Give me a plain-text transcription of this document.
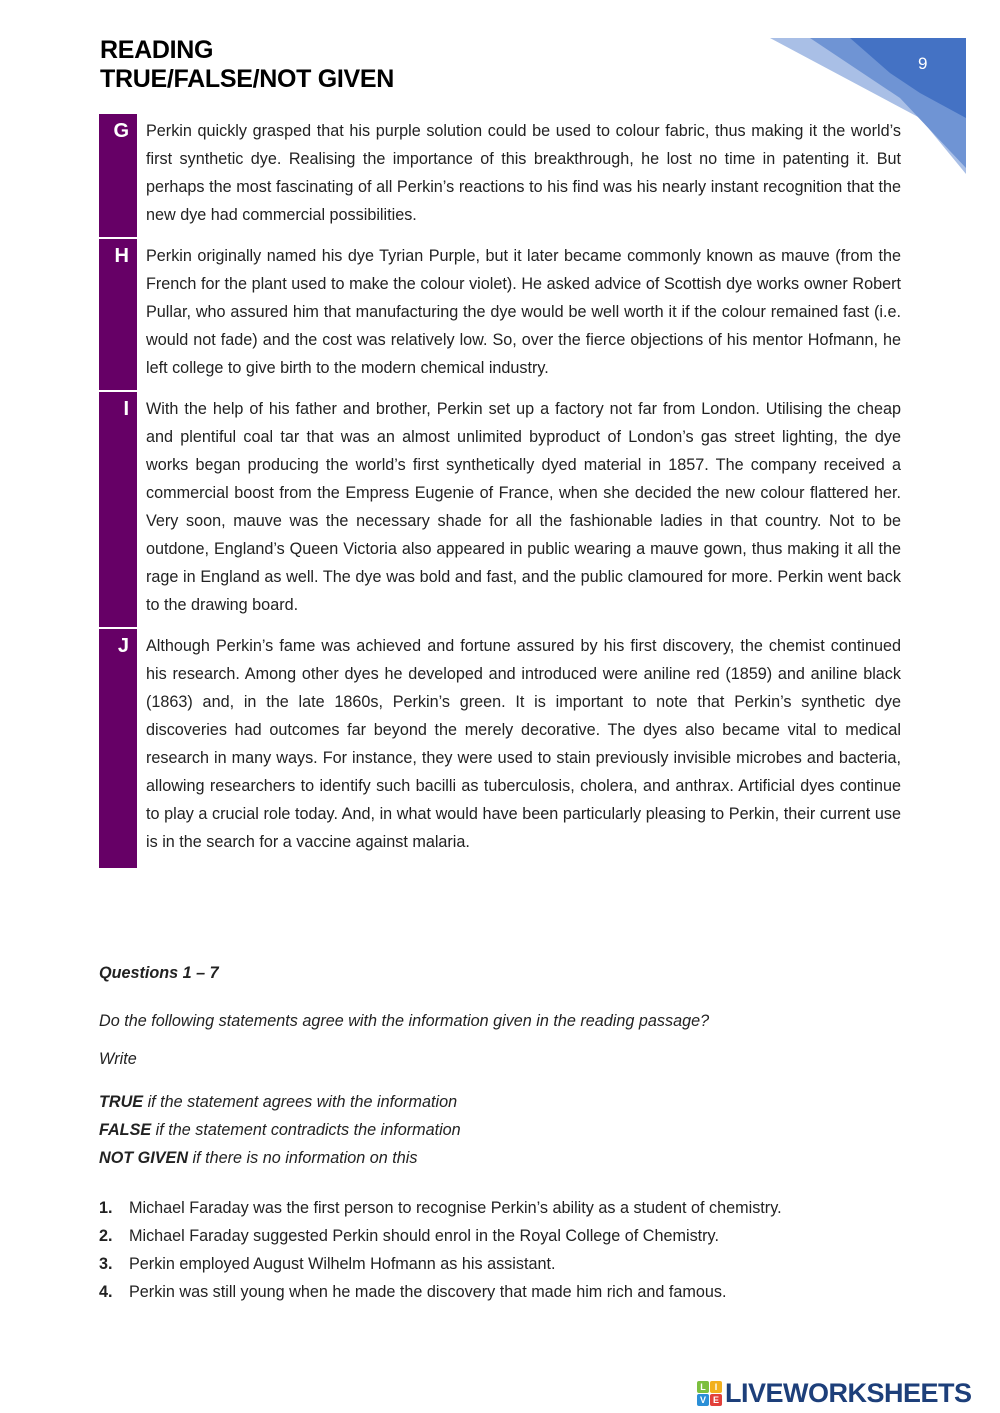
READING
TRUE/FALSE/NOT GIVEN
9
G	Perkin quickly grasped that his purple solution could be used to colour fabric, thus making it the world’s first synthetic dye. Realising the importance of this breakthrough, he lost no time in patenting it. But perhaps the most fascinating of all Perkin’s reactions to his find was his nearly instant recognition that the new dye had commercial possibilities.
H	Perkin originally named his dye Tyrian Purple, but it later became commonly known as mauve (from the French for the plant used to make the colour violet). He asked advice of Scottish dye works owner Robert Pullar, who assured him that manufacturing the dye would be well worth it if the colour remained fast (i.e. would not fade) and the cost was relatively low. So, over the fierce objections of his mentor Hofmann, he left college to give birth to the modern chemical industry.
I	With the help of his father and brother, Perkin set up a factory not far from London. Utilising the cheap and plentiful coal tar that was an almost unlimited byproduct of London’s gas street lighting, the dye works began producing the world’s first synthetically dyed material in 1857. The company received a commercial boost from the Empress Eugenie of France, when she decided the new colour flattered her. Very soon, mauve was the necessary shade for all the fashionable ladies in that country. Not to be outdone, England’s Queen Victoria also appeared in public wearing a mauve gown, thus making it all the rage in England as well. The dye was bold and fast, and the public clamoured for more. Perkin went back to the drawing board.
J	Although Perkin’s fame was achieved and fortune assured by his first discovery, the chemist continued his research. Among other dyes he developed and introduced were aniline red (1859) and aniline black (1863) and, in the late 1860s, Perkin’s green. It is important to note that Perkin’s synthetic dye discoveries had outcomes far beyond the merely decorative. The dyes also became vital to medical research in many ways. For instance, they were used to stain previously invisible microbes and bacteria, allowing researchers to identify such bacilli as tuberculosis, cholera, and anthrax. Artificial dyes continue to play a crucial role today. And, in what would have been particularly pleasing to Perkin, their current use is in the search for a vaccine against malaria.
Questions 1 – 7
Do the following statements agree with the information given in the reading passage?
Write
TRUE if the statement agrees with the information
FALSE if the statement contradicts the information
NOT GIVEN if there is no information on this
1.	Michael Faraday was the first person to recognise Perkin’s ability as a student of chemistry.
2.	Michael Faraday suggested Perkin should enrol in the Royal College of Chemistry.
3.	Perkin employed August Wilhelm Hofmann as his assistant.
4.	Perkin was still young when he made the discovery that made him rich and famous.
L I
V E LIVEWORKSHEETS
